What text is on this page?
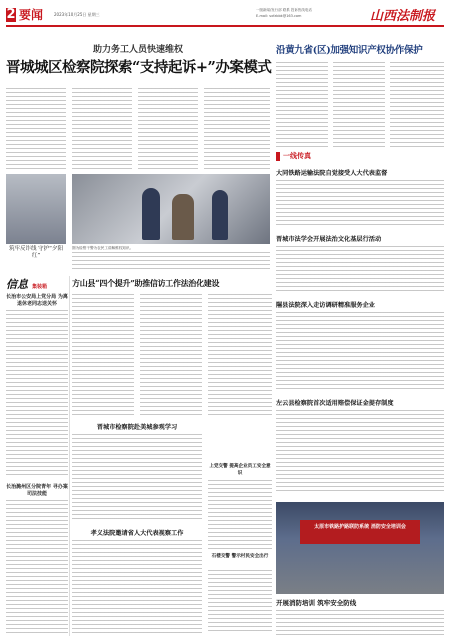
2 要闻	2023年10月25日 星期三
一版新闻/发行部 联系 投诉热线电话
E-mail: sxfzbbk@163.com	山西法制报
助力务工人员快速维权
晋城城区检察院探索“支持起诉+”办案模式
筑牢反诈线 守护“夕阳红”
图为检察干警为农民工讲解维权知识。
沿黄九省(区)加强知识产权协作保护
一线传真
大同铁路运输法院自觉接受人大代表监督
晋城市法学会开展法治文化基层行活动
隰县法院深入走访调研精准服务企业
左云县检察院首次适用赔偿保证金提存制度
信息 集装箱
长治市公安局上党分局 为离退休老同志送关怀
长治潞州区分院青年 寻办案司法技能
方山县“四个提升”助推信访工作法治化建设
晋城市检察院赴美城参观学习
孝义法院邀请省人大代表视察工作
上党交警 提高企业员工安全意识
石楼交警 警示村民安全出行
太原市铁路护路联防系统 消防安全培训会
开展消防培训 筑牢安全防线
